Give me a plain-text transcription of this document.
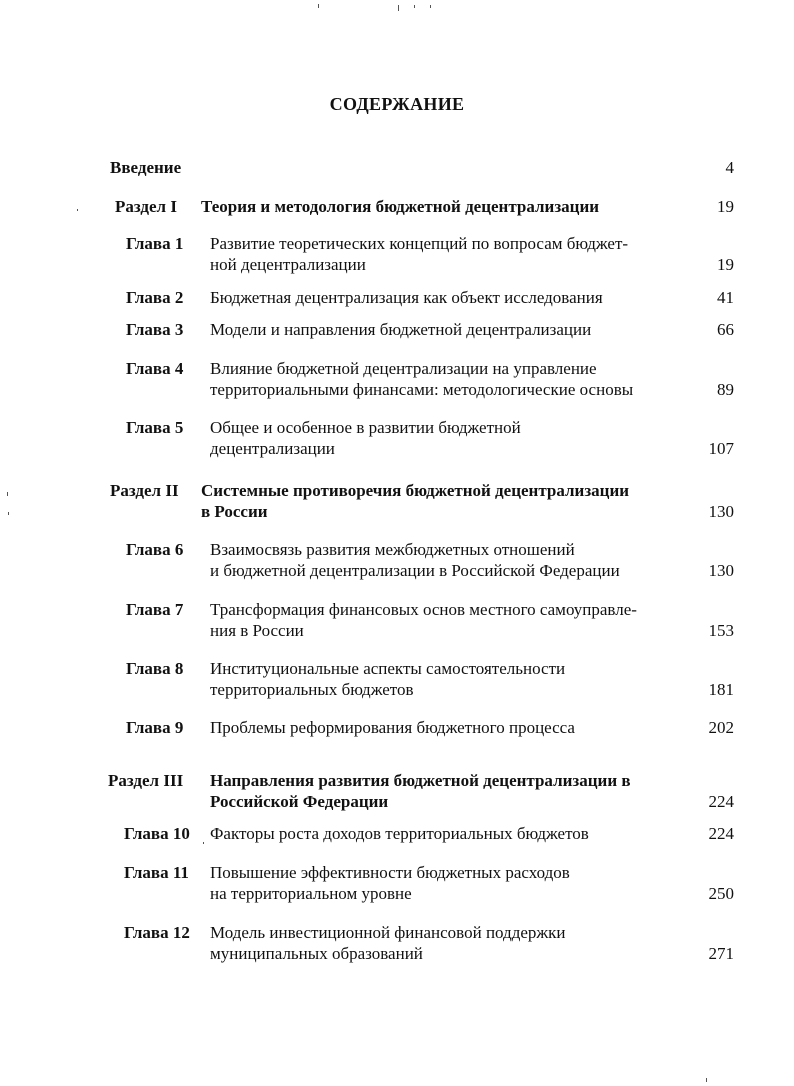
СОДЕРЖАНИЕ
Введение	4
Раздел I Теория и методология бюджетной децентрализации	19
Глава 1 Развитие теоретических концепций по вопросам бюджет-
ной децентрализации	19
Глава 2 Бюджетная децентрализация как объект исследования	41
Глава 3 Модели и направления бюджетной децентрализации	66
Глава 4 Влияние бюджетной децентрализации на управление
территориальными финансами: методологические основы	89
Глава 5 Общее и особенное в развитии бюджетной
децентрализации	107
Раздел II Системные противоречия бюджетной децентрализации
в России	130
Глава 6 Взаимосвязь развития межбюджетных отношений
и бюджетной децентрализации в Российской Федерации	130
Глава 7 Трансформация финансовых основ местного самоуправле-
ния в России	153
Глава 8 Институциональные аспекты самостоятельности
территориальных бюджетов	181
Глава 9 Проблемы реформирования бюджетного процесса	202
Раздел III Направления развития бюджетной децентрализации в
Российской Федерации	224
Глава 10 Факторы роста доходов территориальных бюджетов	224
Глава 11 Повышение эффективности бюджетных расходов
на территориальном уровне	250
Глава 12 Модель инвестиционной финансовой поддержки
муниципальных образований	271
